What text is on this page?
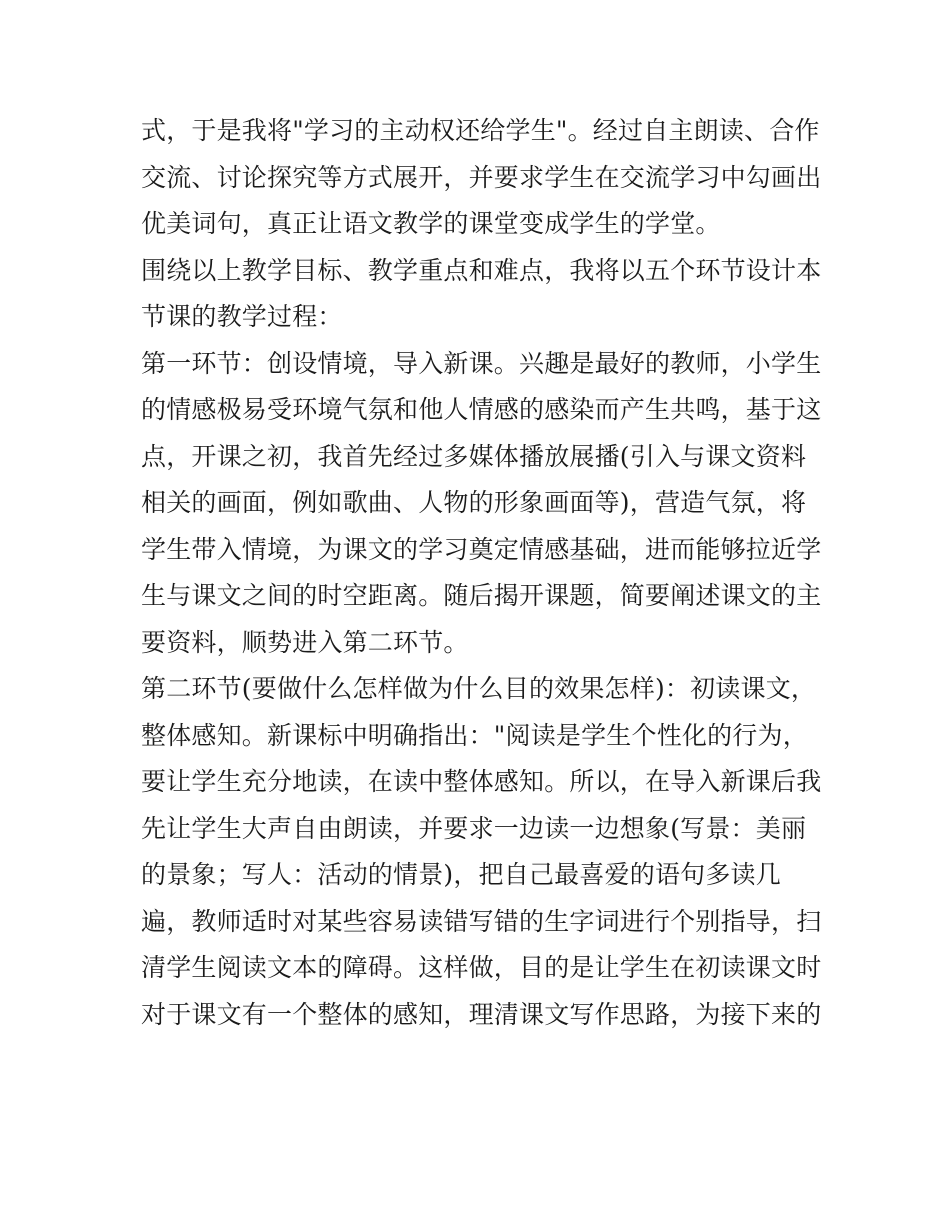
式，于是我将"学习的主动权还给学生"。经过自主朗读、合作
交流、讨论探究等方式展开，并要求学生在交流学习中勾画出
优美词句，真正让语文教学的课堂变成学生的学堂。
围绕以上教学目标、教学重点和难点，我将以五个环节设计本
节课的教学过程：
第一环节：创设情境，导入新课。兴趣是最好的教师，小学生
的情感极易受环境气氛和他人情感的感染而产生共鸣，基于这
点，开课之初，我首先经过多媒体播放展播(引入与课文资料
相关的画面，例如歌曲、人物的形象画面等)，营造气氛，将
学生带入情境，为课文的学习奠定情感基础，进而能够拉近学
生与课文之间的时空距离。随后揭开课题，简要阐述课文的主
要资料，顺势进入第二环节。
第二环节(要做什么怎样做为什么目的效果怎样)：初读课文，
整体感知。新课标中明确指出："阅读是学生个性化的行为，
要让学生充分地读，在读中整体感知。所以，在导入新课后我
先让学生大声自由朗读，并要求一边读一边想象(写景：美丽
的景象；写人：活动的情景)，把自己最喜爱的语句多读几
遍，教师适时对某些容易读错写错的生字词进行个别指导，扫
清学生阅读文本的障碍。这样做，目的是让学生在初读课文时
对于课文有一个整体的感知，理清课文写作思路，为接下来的
